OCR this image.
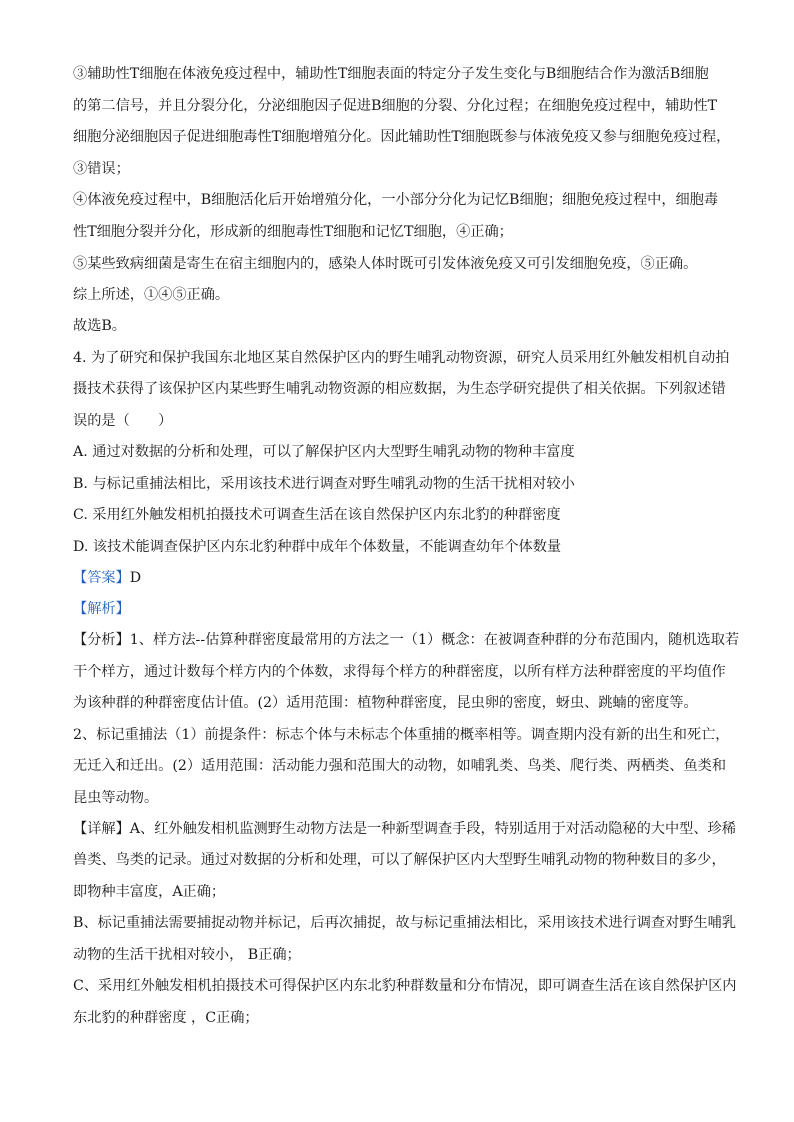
③辅助性T细胞在体液免疫过程中，辅助性T细胞表面的特定分子发生变化与B细胞结合作为激活B细胞
的第二信号，并且分裂分化，分泌细胞因子促进B细胞的分裂、分化过程；在细胞免疫过程中，辅助性T
细胞分泌细胞因子促进细胞毒性T细胞增殖分化。因此辅助性T细胞既参与体液免疫又参与细胞免疫过程，
③错误；
④体液免疫过程中，B细胞活化后开始增殖分化，一小部分分化为记忆B细胞；细胞免疫过程中，细胞毒
性T细胞分裂并分化，形成新的细胞毒性T细胞和记忆T细胞，④正确；
⑤某些致病细菌是寄生在宿主细胞内的，感染人体时既可引发体液免疫又可引发细胞免疫，⑤正确。
综上所述，①④⑤正确。
故选B。
4. 为了研究和保护我国东北地区某自然保护区内的野生哺乳动物资源，研究人员采用红外触发相机自动拍
摄技术获得了该保护区内某些野生哺乳动物资源的相应数据，为生态学研究提供了相关依据。下列叙述错
误的是（　　）
A. 通过对数据的分析和处理，可以了解保护区内大型野生哺乳动物的物种丰富度
B. 与标记重捕法相比，采用该技术进行调查对野生哺乳动物的生活干扰相对较小
C. 采用红外触发相机拍摄技术可调查生活在该自然保护区内东北豹的种群密度
D. 该技术能调查保护区内东北豹种群中成年个体数量，不能调查幼年个体数量
【答案】D
【解析】
【分析】1、样方法--估算种群密度最常用的方法之一（1）概念：在被调查种群的分布范围内，随机选取若
干个样方，通过计数每个样方内的个体数，求得每个样方的种群密度，以所有样方法种群密度的平均值作
为该种群的种群密度估计值。(2）适用范围：植物种群密度，昆虫卵的密度，蚜虫、跳蝻的密度等。
2、标记重捕法（1）前提条件：标志个体与未标志个体重捕的概率相等。调查期内没有新的出生和死亡，
无迁入和迁出。(2）适用范围：活动能力强和范围大的动物，如哺乳类、鸟类、爬行类、两栖类、鱼类和
昆虫等动物。
【详解】A、红外触发相机监测野生动物方法是一种新型调查手段，特别适用于对活动隐秘的大中型、珍稀
兽类、鸟类的记录。通过对数据的分析和处理，可以了解保护区内大型野生哺乳动物的物种数目的多少，
即物种丰富度，A正确；
B、标记重捕法需要捕捉动物并标记，后再次捕捉，故与标记重捕法相比，采用该技术进行调查对野生哺乳
动物的生活干扰相对较小， B正确；
C、采用红外触发相机拍摄技术可得保护区内东北豹种群数量和分布情况，即可调查生活在该自然保护区内
东北豹的种群密度 ，C正确；
